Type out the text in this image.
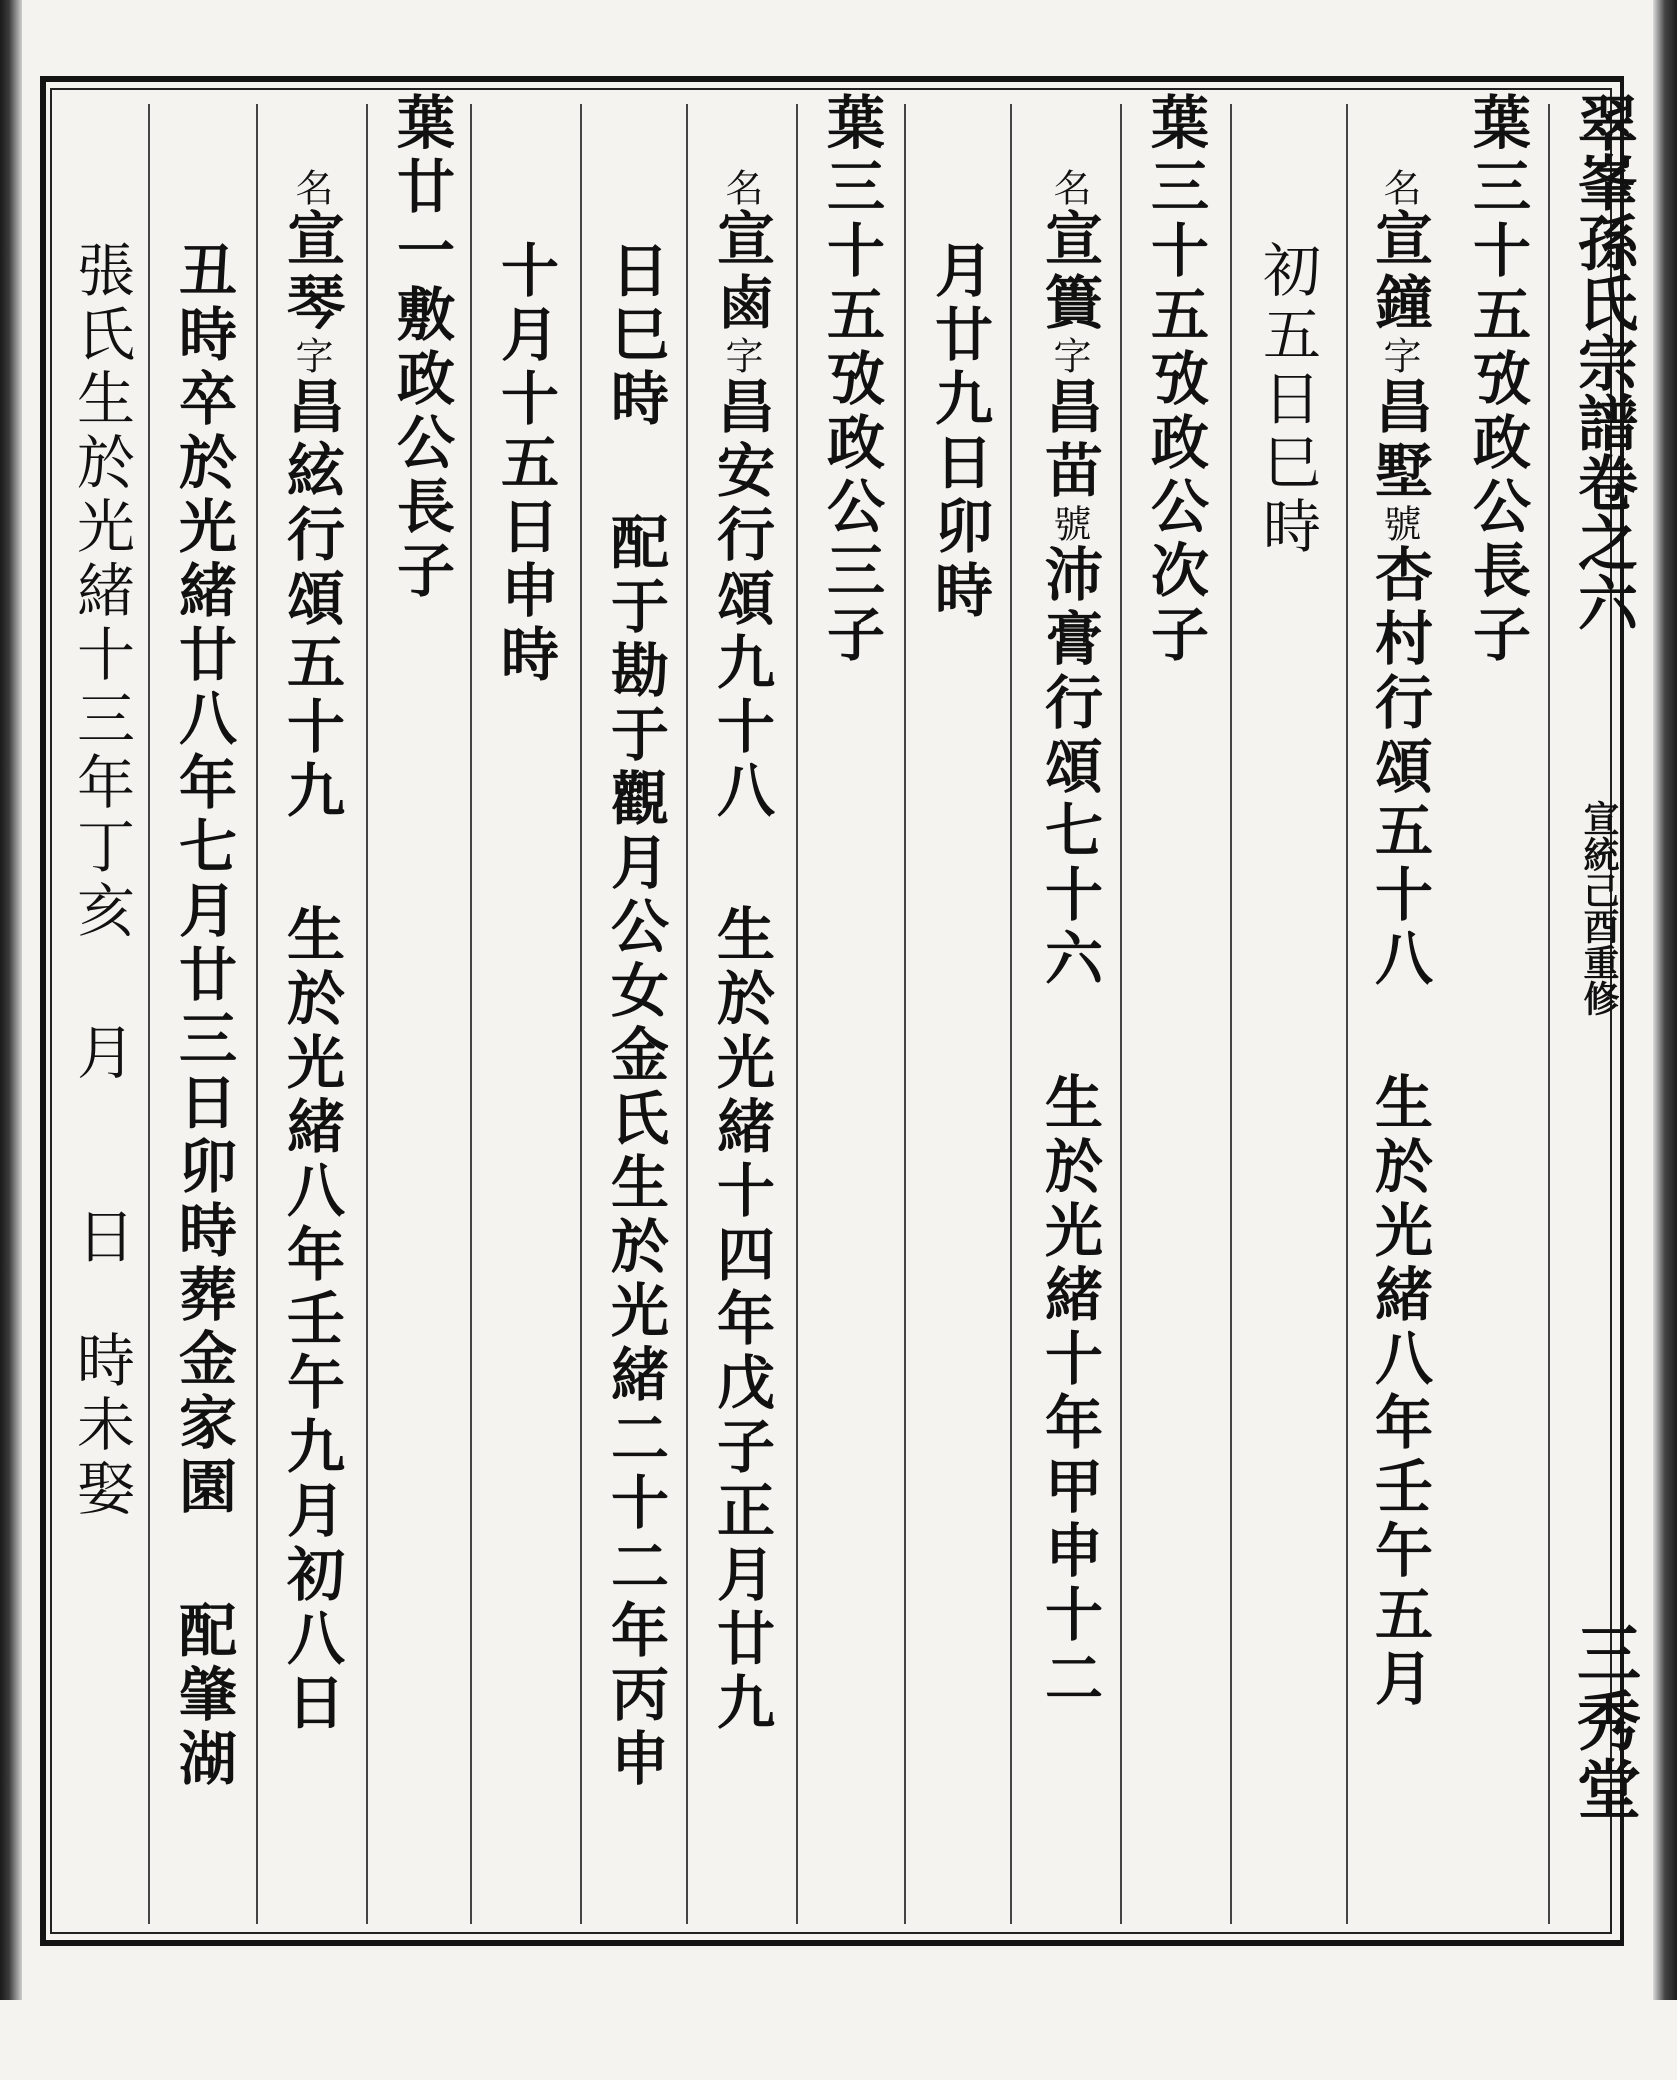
翠峯孫氏宗譜卷之六
宣統己酉重修
三秀堂
葉三十五攷政公長子
名宣鐘字昌墅號杏村行頌五十八生於光緒八年壬午五月
初五日巳時
葉三十五攷政公次子
名宣簣字昌苗號沛膏行頌七十六生於光緒十年甲申十二
月廿九日卯時
葉三十五攷政公三子
名宣鹵字昌安行頌九十八生於光緒十四年戊子正月廿九
日巳時配于勘于觀月公女金氏生於光緒二十二年丙申
十月十五日申時
葉廿一敷政公長子
名宣琴字昌絃行頌五十九生於光緒八年壬午九月初八日
丑時卒於光緒廿八年七月廿三日卯時葬金家園配肇湖
張氏生於光緒十三年丁亥月日時未娶
